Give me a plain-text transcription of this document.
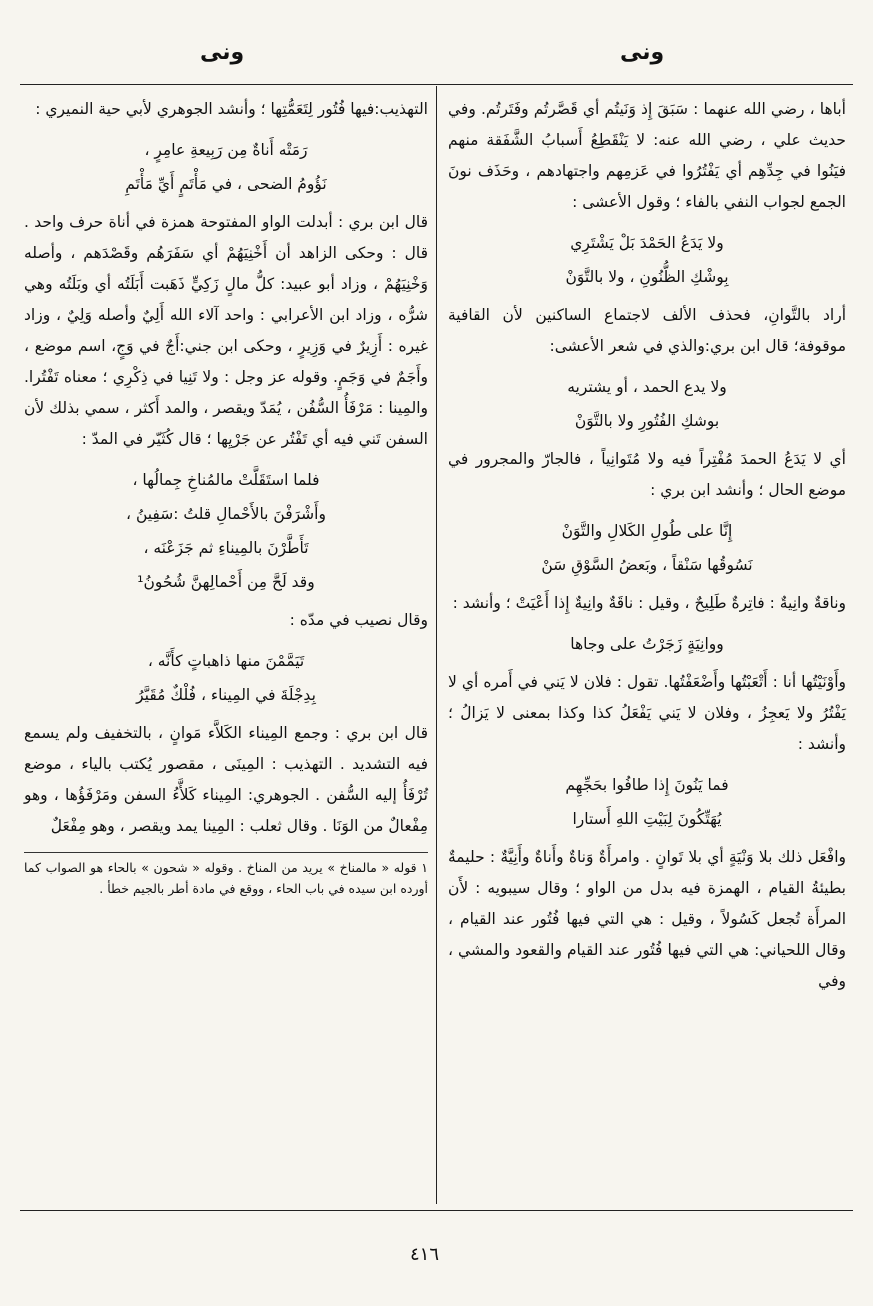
ونى
ونى

أباها ، رضي الله عنهما : سَبَقَ إِذ وَنَيتُم أي قَصَّرتُم وفَتَرتُم. وفي حديث علي ، رضي الله عنه: لا يَنْقَطِعُ أَسبابُ الشَّفَقة منهم فيَنُوا في جِدِّهِم أي يَفْتُرُوا في عَزمِهم واجتهادهم ، وحَذَف نونَ الجمع لجواب النفي بالفاء ؛ وقول الأعشى :

ولا يَدَعُ الحَمْدَ بَلْ يَشْتَرِي
بِوشْكِ الظُّنُونِ ، ولا بالتَّوَنْ

أراد بالتَّوانِ، فحذف الألف لاجتماع الساكنين لأن القافية موقوفة؛ قال ابن بري:والذي في شعر الأعشى:

ولا يدع الحمد ، أو يشتريه
بوشكِ الفُتُورِ ولا بالتَّوَنْ

أي لا يَدَعُ الحمدَ مُفْتِراً فيه ولا مُتَوانِياً ، فالجارّ والمجرور في موضع الحال ؛ وأنشد ابن بري :

إِنَّا على طُولِ الكَلالِ والتَّوَنْ
نَسُوقُها سَنْقاً ، وبَعضُ السَّوْقِ سَنْ

وناقةٌ وانِيةٌ : فاتِرةٌ طَلِيحٌ ، وقيل : ناقَةٌ وانِيةٌ إِذا أَعْيَتْ ؛ وأنشد :

ووانِيَةٍ زَجَرْتُ على وجاها

وأَوْنَيْتُها أنا : أَتْعَبْتُها وأَضْعَفْتُها. تقول : فلان لا يَني في أَمره أي لا يَفْتُرُ ولا يَعجِزُ ، وفلان لا يَني يَفْعَلُ كذا وكذا بمعنى لا يَزالُ ؛ وأنشد :

فما يَنُونَ إِذا طافُوا بحَجِّهِم
يُهَتِّكُونَ لِبَيْتِ اللهِ أَستارا

وافْعَل ذلك بلا وَنْيَةٍ أي بلا تَوانٍ . وامرأَةٌ وَناةٌ وأَناةٌ وأَنِيَّةٌ : حليمةٌ بطيئةُ القيام ، الهمزة فيه بدل من الواو ؛ وقال سيبويه : لأَن المرأَة تُجعل كَسُولاً ، وقيل : هي التي فيها فُتُور عند القيام ، وقال اللحياني: هي التي فيها فُتُور عند القيام والقعود والمشي ، وفي

التهذيب:فيها فُتُور لِتَعَمُّتِها ؛ وأنشد الجوهري لأبي حية النميري :

رَمَتْه أَناةٌ مِن رَبِيعةِ عامِرٍ ،
نَؤُومُ الضحى ، في مَأْتَمٍ أَيِّ مَأْتَمِ

قال ابن بري : أبدلت الواو المفتوحة همزة في أناة حرف واحد . قال : وحكى الزاهد أن أَخْنِيَهُمْ أي سَفَرَهُم وقَصْدَهم ، وأصله وَخْنِيَهُمْ ، وزاد أبو عبيد: كلُّ مالٍ زَكِيٍّ ذَهَبت أَبَلَتُه أي وبَلَتُه وهي شرُّه ، وزاد ابن الأعرابي : واحد آلاء الله أَلِيٌ وأصله وَلِيٌ ، وزاد غيره : أَزِيرٌ في وَزِيرٍ ، وحكى ابن جني:أَجٌ في وَجٍ، اسم موضع ، وأَجَمٌ في وَجَمٍ. وقوله عز وجل : ولا تَنِيا في ذِكْرِي ؛ معناه تَفْتُرا. والمِينا : مَرْفَأُ السُّفُن ، يُمَدّ ويقصر ، والمد أَكثر ، سمي بذلك لأن السفن تَني فيه أي تَفْتُر عن جَرْيِها ؛ قال كُثَيّر في المدّ :

فلما استَقَلَّتْ مالمُناخِ جِمالُها ،
وأَشْرَفْنَ بالأَحْمالِ قلتُ :سَفِينُ ،
تَأَطَّرْنَ بالمِيناءِ ثم جَزَعْنَه ،
وقد لَحَّ مِن أَحْمالِهنَّ شُحُونُ¹

وقال نصيب في مدّه :

تَيَمَّمْنَ منها ذاهباتٍ كأَنَّه ،
بِدِجْلَةَ في المِيناء ، فُلْكٌ مُقَيَّرُ

قال ابن بري : وجمع المِيناء الكَلاَّء مَوانٍ ، بالتخفيف ولم يسمع فيه التشديد . التهذيب : المِينَى ، مقصور يُكتب بالياء ، موضع تُرْفَأُ إليه السُّفن . الجوهري: المِيناء كَلأَّءُ السفن ومَرْفَؤُها ، وهو مِفْعالٌ من الوَنَا . وقال ثعلب : المِينا يمد ويقصر ، وهو مِفْعَلٌ

١ قوله « مالمناخ » يريد من المناخ . وقوله « شحون » بالحاء هو الصواب كما أورده ابن سيده في باب الحاء ، ووقع في مادة أطر بالجيم خطأ .
٤١٦
